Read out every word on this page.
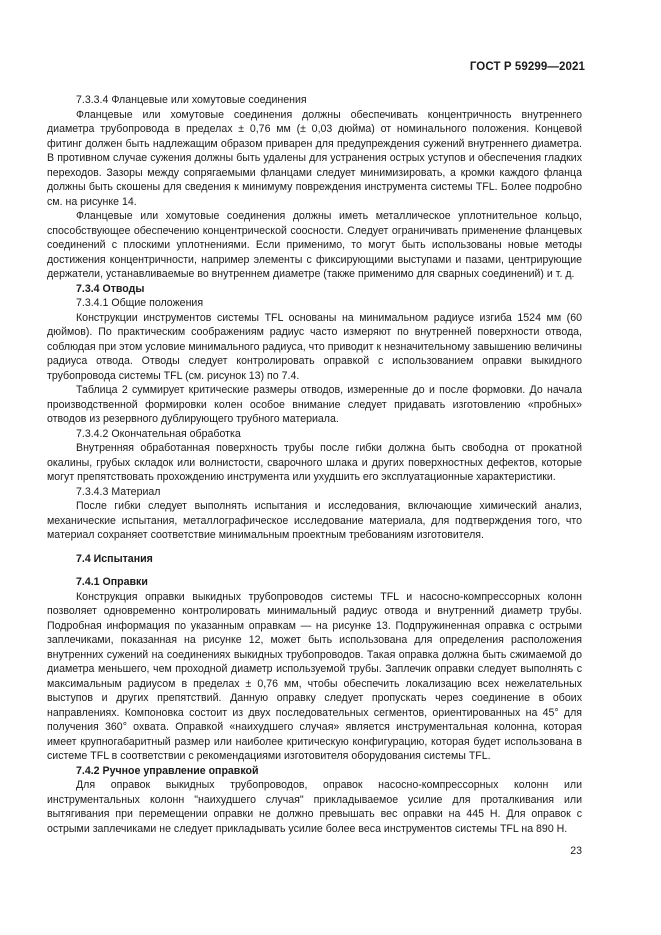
ГОСТ Р 59299—2021

7.3.3.4 Фланцевые или хомутовые соединения

Фланцевые или хомутовые соединения должны обеспечивать концентричность внутреннего диаметра трубопровода в пределах ± 0,76 мм (± 0,03 дюйма) от номинального положения. Концевой фитинг должен быть надлежащим образом приварен для предупреждения сужений внутреннего диаметра. В противном случае сужения должны быть удалены для устранения острых уступов и обеспечения гладких переходов. Зазоры между сопрягаемыми фланцами следует минимизировать, а кромки каждого фланца должны быть скошены для сведения к минимуму повреждения инструмента системы TFL. Более подробно см. на рисунке 14.

Фланцевые или хомутовые соединения должны иметь металлическое уплотнительное кольцо, способствующее обеспечению концентрической соосности. Следует ограничивать применение фланцевых соединений с плоскими уплотнениями. Если применимо, то могут быть использованы новые методы достижения концентричности, например элементы с фиксирующими выступами и пазами, центрирующие держатели, устанавливаемые во внутреннем диаметре (также применимо для сварных соединений) и т. д.

7.3.4 Отводы

7.3.4.1 Общие положения

Конструкции инструментов системы TFL основаны на минимальном радиусе изгиба 1524 мм (60 дюймов). По практическим соображениям радиус часто измеряют по внутренней поверхности отвода, соблюдая при этом условие минимального радиуса, что приводит к незначительному завышению величины радиуса отвода. Отводы следует контролировать оправкой с использованием оправки выкидного трубопровода системы TFL (см. рисунок 13) по 7.4.

Таблица 2 суммирует критические размеры отводов, измеренные до и после формовки. До начала производственной формировки колен особое внимание следует придавать изготовлению «пробных» отводов из резервного дублирующего трубного материала.

7.3.4.2 Окончательная обработка

Внутренняя обработанная поверхность трубы после гибки должна быть свободна от прокатной окалины, грубых складок или волнистости, сварочного шлака и других поверхностных дефектов, которые могут препятствовать прохождению инструмента или ухудшить его эксплуатационные характеристики.

7.3.4.3 Материал

После гибки следует выполнять испытания и исследования, включающие химический анализ, механические испытания, металлографическое исследование материала, для подтверждения того, что материал сохраняет соответствие минимальным проектным требованиям изготовителя.

7.4 Испытания

7.4.1 Оправки

Конструкция оправки выкидных трубопроводов системы TFL и насосно-компрессорных колонн позволяет одновременно контролировать минимальный радиус отвода и внутренний диаметр трубы. Подробная информация по указанным оправкам — на рисунке 13. Подпружиненная оправка с острыми заплечиками, показанная на рисунке 12, может быть использована для определения расположения внутренних сужений на соединениях выкидных трубопроводов. Такая оправка должна быть сжимаемой до диаметра меньшего, чем проходной диаметр используемой трубы. Заплечик оправки следует выполнять с максимальным радиусом в пределах ± 0,76 мм, чтобы обеспечить локализацию всех нежелательных выступов и других препятствий. Данную оправку следует пропускать через соединение в обоих направлениях. Компоновка состоит из двух последовательных сегментов, ориентированных на 45° для получения 360° охвата. Оправкой «наихудшего случая» является инструментальная колонна, которая имеет крупногабаритный размер или наиболее критическую конфигурацию, которая будет использована в системе TFL в соответствии с рекомендациями изготовителя оборудования системы TFL.

7.4.2 Ручное управление оправкой

Для оправок выкидных трубопроводов, оправок насосно-компрессорных колонн или инструментальных колонн "наихудшего случая" прикладываемое усилие для проталкивания или вытягивания при перемещении оправки не должно превышать вес оправки на 445 Н. Для оправок с острыми заплечиками не следует прикладывать усилие более веса инструментов системы TFL на 890 Н.

23
